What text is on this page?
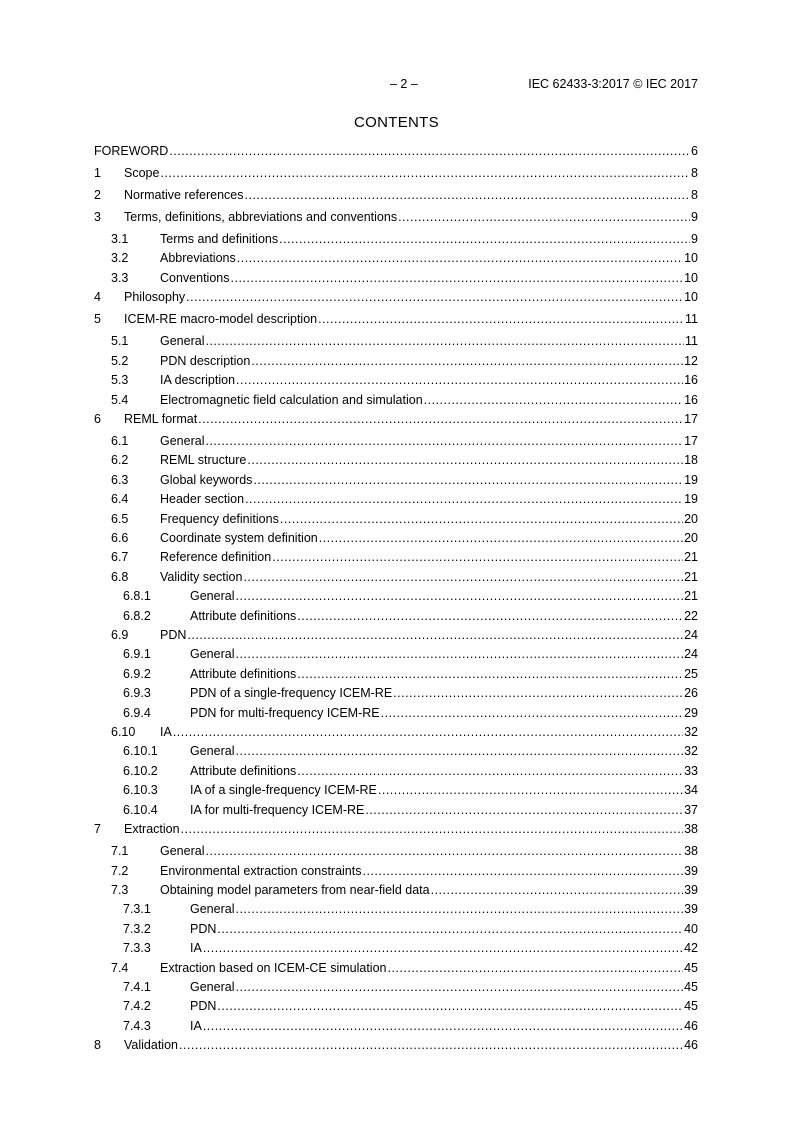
– 2 –	IEC 62433-3:2017 © IEC 2017
CONTENTS
FOREWORD .....	6
1 Scope .....	8
2 Normative references .....	8
3 Terms, definitions, abbreviations and conventions .....	9
3.1	Terms and definitions .....	9
3.2	Abbreviations .....	10
3.3	Conventions .....	10
4 Philosophy .....	10
5 ICEM-RE macro-model description .....	11
5.1	General .....	11
5.2	PDN description .....	12
5.3	IA description .....	16
5.4	Electromagnetic field calculation and simulation .....	16
6 REML format .....	17
6.1	General .....	17
6.2	REML structure .....	18
6.3	Global keywords .....	19
6.4	Header section .....	19
6.5	Frequency definitions .....	20
6.6	Coordinate system definition .....	20
6.7	Reference definition .....	21
6.8	Validity section .....	21
6.8.1	General .....	21
6.8.2	Attribute definitions .....	22
6.9	PDN .....	24
6.9.1	General .....	24
6.9.2	Attribute definitions .....	25
6.9.3	PDN of a single-frequency ICEM-RE .....	26
6.9.4	PDN for multi-frequency ICEM-RE .....	29
6.10 IA .....	32
6.10.1	General .....	32
6.10.2	Attribute definitions .....	33
6.10.3	IA of a single-frequency ICEM-RE .....	34
6.10.4	IA for multi-frequency ICEM-RE .....	37
7 Extraction .....	38
7.1	General .....	38
7.2	Environmental extraction constraints .....	39
7.3	Obtaining model parameters from near-field data .....	39
7.3.1	General .....	39
7.3.2	PDN .....	40
7.3.3	IA .....	42
7.4	Extraction based on ICEM-CE simulation .....	45
7.4.1	General .....	45
7.4.2	PDN .....	45
7.4.3	IA .....	46
8 Validation .....	46
